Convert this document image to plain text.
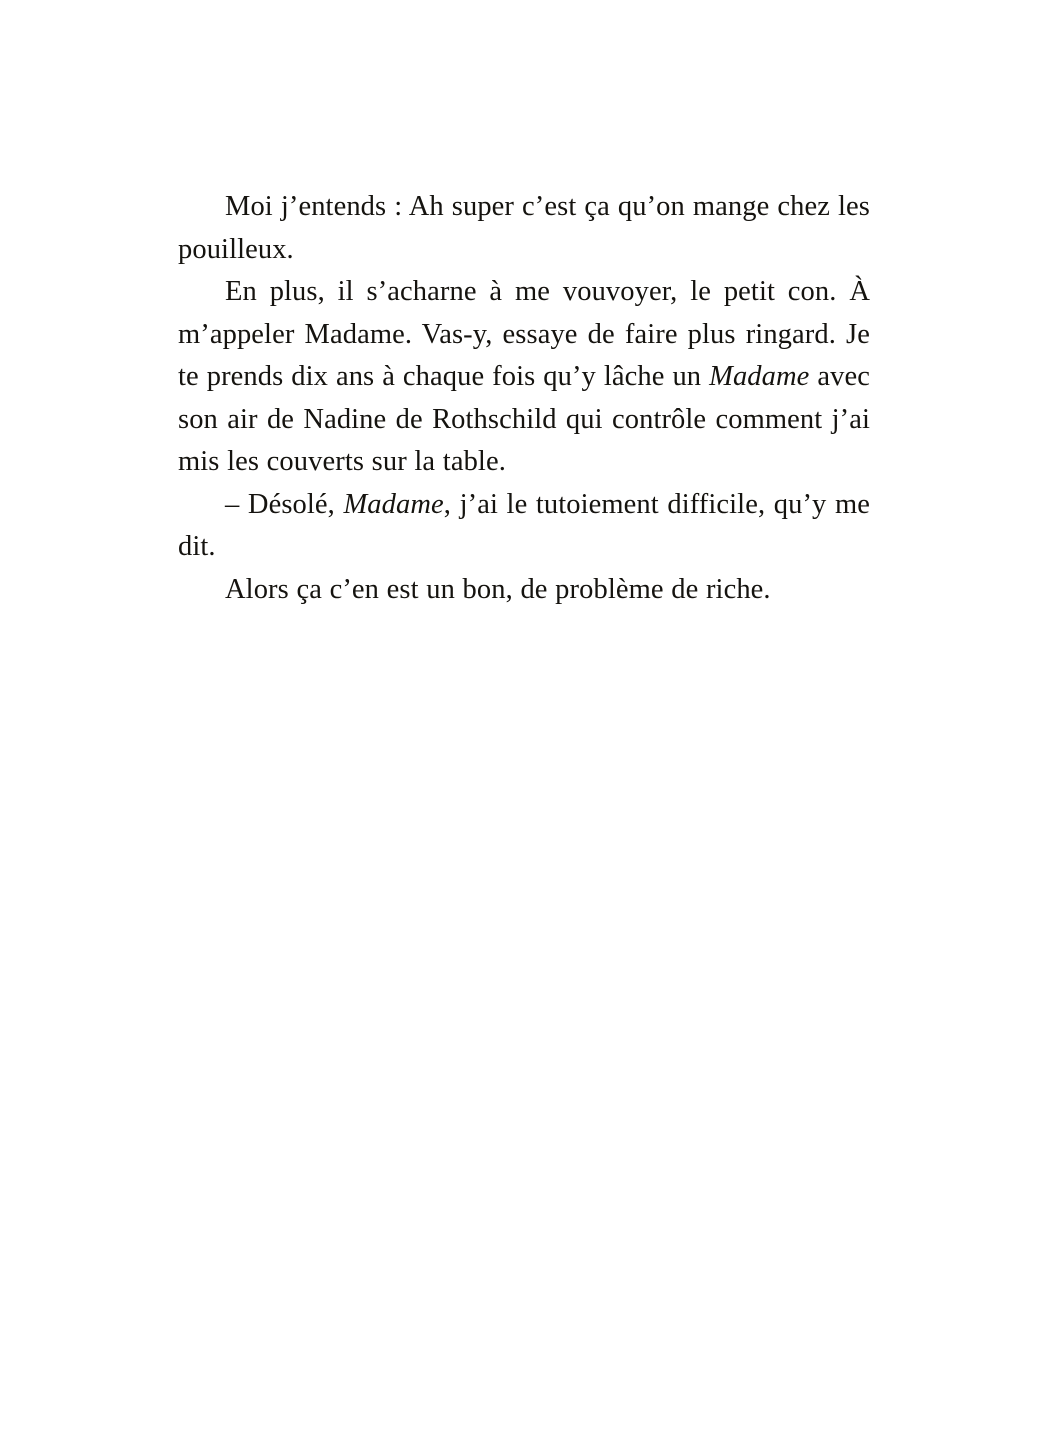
Moi j’entends : Ah super c’est ça qu’on mange chez les pouilleux.

En plus, il s’acharne à me vouvoyer, le petit con. À m’appeler Madame. Vas-y, essaye de faire plus ringard. Je te prends dix ans à chaque fois qu’y lâche un Madame avec son air de Nadine de Rothschild qui contrôle comment j’ai mis les couverts sur la table.

– Désolé, Madame, j’ai le tutoiement difficile, qu’y me dit.

Alors ça c’en est un bon, de problème de riche.
